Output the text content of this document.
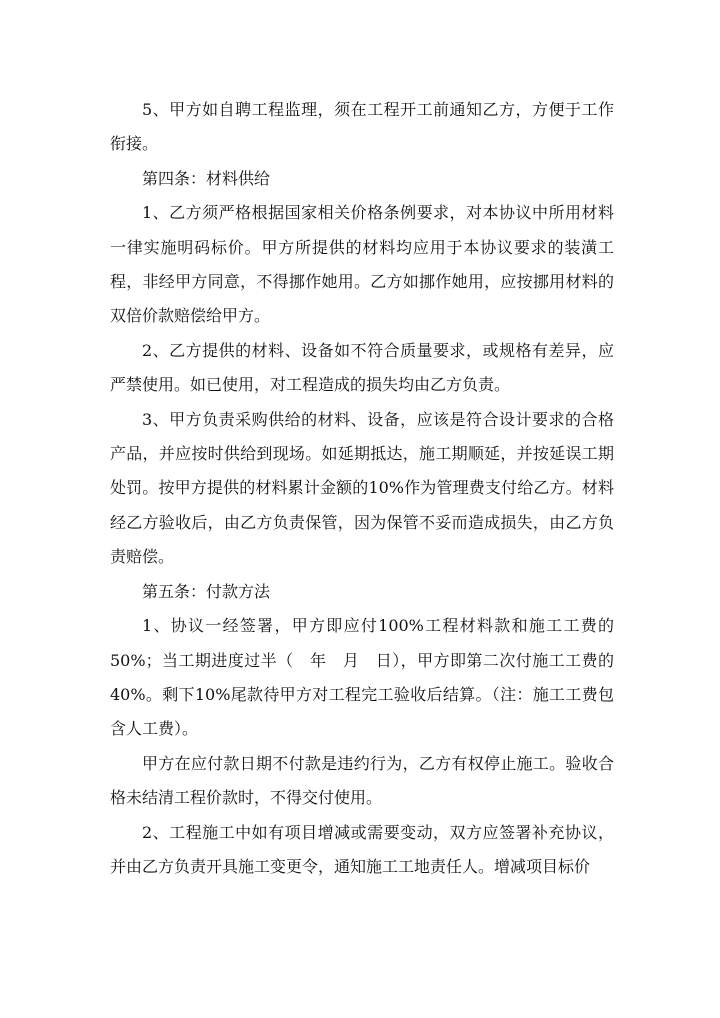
5、甲方如自聘工程监理，须在工程开工前通知乙方，方便于工作衔接。

第四条：材料供给

1、乙方须严格根据国家相关价格条例要求，对本协议中所用材料一律实施明码标价。甲方所提供的材料均应用于本协议要求的装潢工程，非经甲方同意，不得挪作她用。乙方如挪作她用，应按挪用材料的双倍价款赔偿给甲方。

2、乙方提供的材料、设备如不符合质量要求，或规格有差异，应严禁使用。如已使用，对工程造成的损失均由乙方负责。

3、甲方负责采购供给的材料、设备，应该是符合设计要求的合格产品，并应按时供给到现场。如延期抵达，施工期顺延，并按延误工期处罚。按甲方提供的材料累计金额的10%作为管理费支付给乙方。材料经乙方验收后，由乙方负责保管，因为保管不妥而造成损失，由乙方负责赔偿。

第五条：付款方法

1、协议一经签署，甲方即应付100%工程材料款和施工工费的50%；当工期进度过半（　年　月　日），甲方即第二次付施工工费的40%。剩下10%尾款待甲方对工程完工验收后结算。（注：施工工费包含人工费）。

甲方在应付款日期不付款是违约行为，乙方有权停止施工。验收合格未结清工程价款时，不得交付使用。

2、工程施工中如有项目增减或需要变动，双方应签署补充协议，并由乙方负责开具施工变更令，通知施工工地责任人。增减项目标价
